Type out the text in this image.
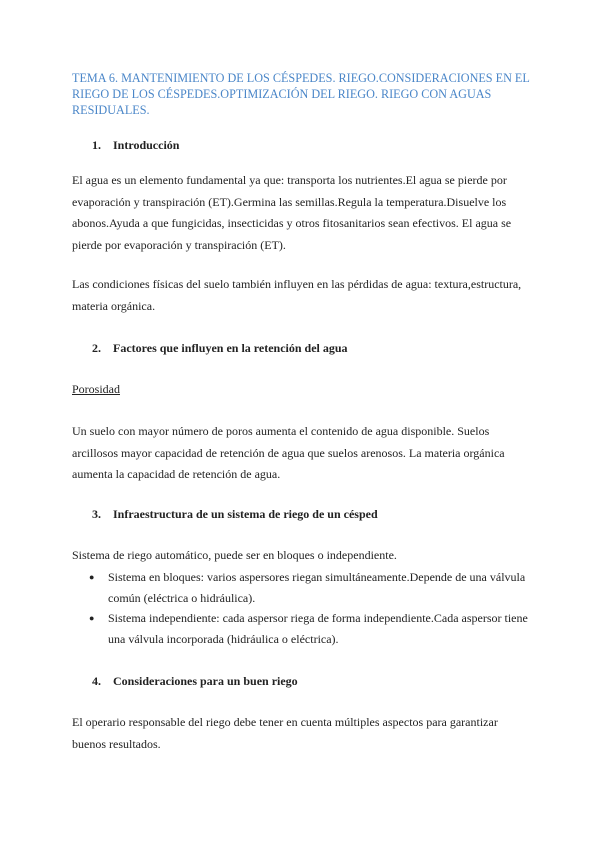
TEMA 6. MANTENIMIENTO DE LOS CÉSPEDES. RIEGO.CONSIDERACIONES EN EL RIEGO DE LOS CÉSPEDES.OPTIMIZACIÓN DEL RIEGO. RIEGO CON AGUAS RESIDUALES.
1. Introducción
El agua es un elemento fundamental ya que: transporta los nutrientes.El agua se pierde por evaporación y transpiración (ET).Germina las semillas.Regula la temperatura.Disuelve los abonos.Ayuda a que fungicidas, insecticidas y otros fitosanitarios sean efectivos. El agua se pierde por evaporación y transpiración (ET).
Las condiciones físicas del suelo también influyen en las pérdidas de agua: textura,estructura, materia orgánica.
2. Factores que influyen en la retención del agua
Porosidad
Un suelo con mayor número de poros aumenta el contenido de agua disponible. Suelos arcillosos mayor capacidad de retención de agua que suelos arenosos. La materia orgánica aumenta la capacidad de retención de agua.
3. Infraestructura de un sistema de riego de un césped
Sistema de riego automático, puede ser en bloques o independiente.
● Sistema en bloques: varios aspersores riegan simultáneamente.Depende de una válvula común (eléctrica o hidráulica).
● Sistema independiente: cada aspersor riega de forma independiente.Cada aspersor tiene una válvula incorporada (hidráulica o eléctrica).
4. Consideraciones para un buen riego
El operario responsable del riego debe tener en cuenta múltiples aspectos para garantizar buenos resultados.
